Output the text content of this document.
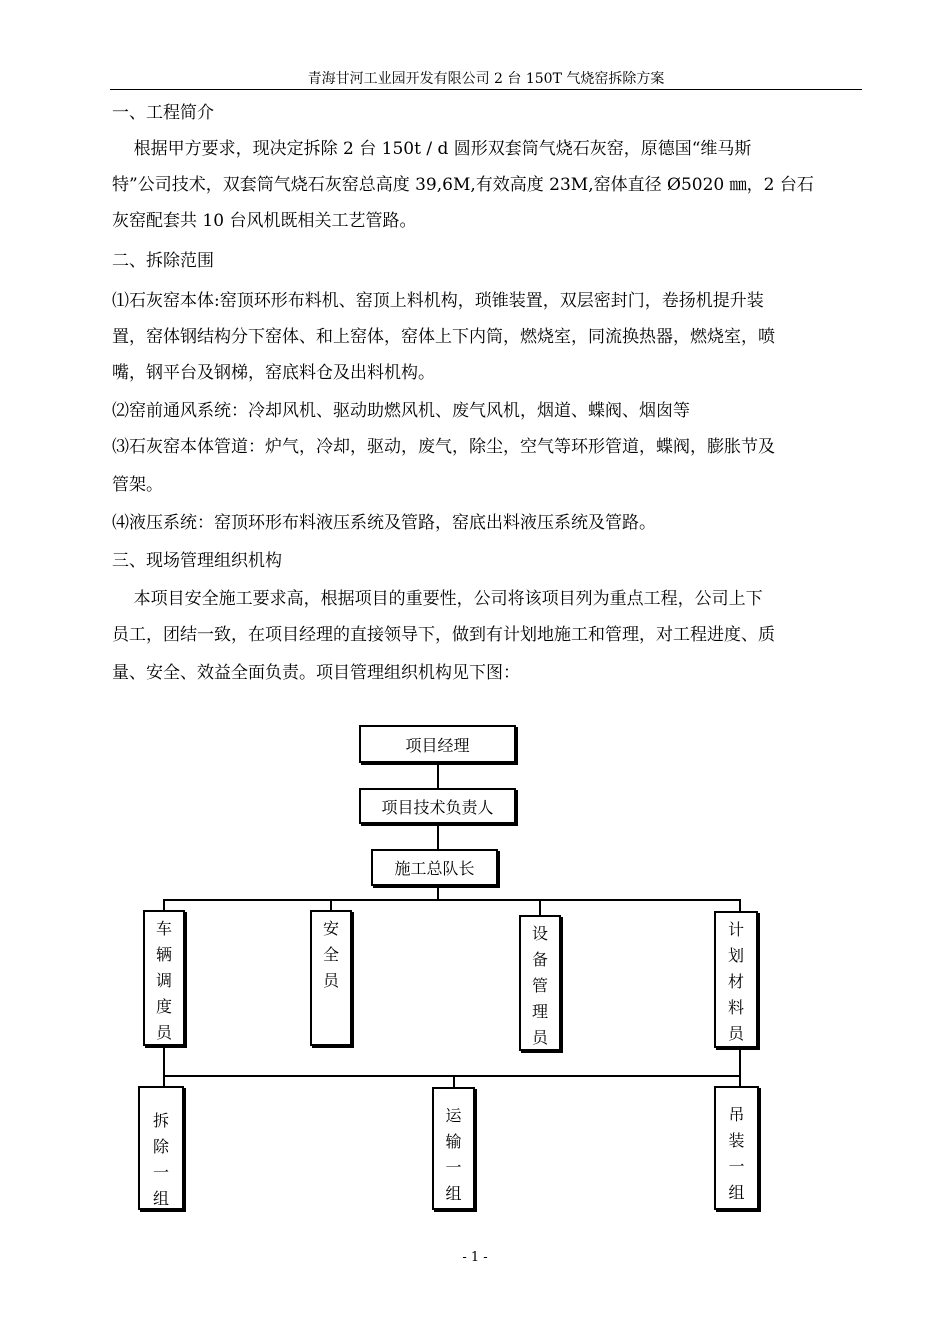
青海甘河工业园开发有限公司 2 台 150T 气烧窑拆除方案
一、工程简介
根据甲方要求，现决定拆除 2 台 150t / d 圆形双套筒气烧石灰窑，原德国“维马斯
特”公司技术，双套筒气烧石灰窑总高度 39,6M,有效高度 23M,窑体直径 Ø5020 ㎜，2 台石
灰窑配套共 10 台风机既相关工艺管路。
二、拆除范围
⑴石灰窑本体:窑顶环形布料机、窑顶上料机构，琐锥装置，双层密封门，卷扬机提升装
置，窑体钢结构分下窑体、和上窑体，窑体上下内筒，燃烧室，同流换热器，燃烧室，喷
嘴，钢平台及钢梯，窑底料仓及出料机构。
⑵窑前通风系统：冷却风机、驱动助燃风机、废气风机，烟道、蝶阀、烟囱等
⑶石灰窑本体管道：炉气，冷却，驱动，废气，除尘，空气等环形管道，蝶阀，膨胀节及
管架。
⑷液压系统：窑顶环形布料液压系统及管路，窑底出料液压系统及管路。
三、现场管理组织机构
本项目安全施工要求高，根据项目的重要性，公司将该项目列为重点工程，公司上下
员工，团结一致，在项目经理的直接领导下，做到有计划地施工和管理，对工程进度、质
量、安全、效益全面负责。项目管理组织机构见下图：
项目经理
项目技术负责人
施工总队长
车
辆
调
度
员
安
全
员
设
备
管
理
员
计
划
材
料
员
拆
除
一
组
运
输
一
组
吊
装
一
组
- 1 -
